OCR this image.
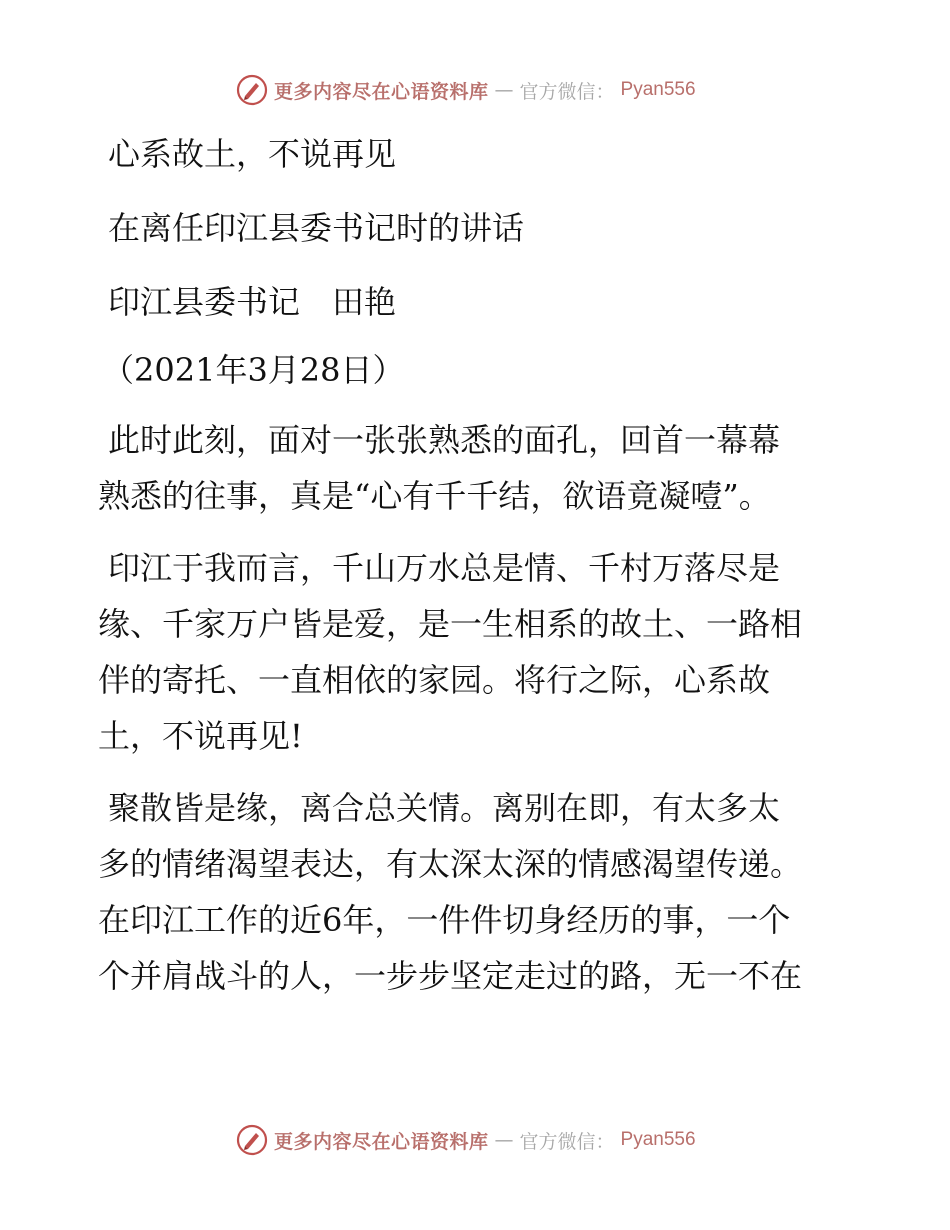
更多内容尽在心语资料库 — 官方微信： Pyan556

心系故土，不说再见

在离任印江县委书记时的讲话

印江县委书记　田艳

（2021年3月28日）

此时此刻，面对一张张熟悉的面孔，回首一幕幕

熟悉的往事，真是“心有千千结，欲语竟凝噎”。

印江于我而言，千山万水总是情、千村万落尽是

缘、千家万户皆是爱，是一生相系的故土、一路相

伴的寄托、一直相依的家园。将行之际，心系故

土，不说再见!

聚散皆是缘，离合总关情。离别在即，有太多太

多的情绪渴望表达，有太深太深的情感渴望传递。

在印江工作的近6年，一件件切身经历的事，一个

个并肩战斗的人，一步步坚定走过的路，无一不在

更多内容尽在心语资料库 — 官方微信： Pyan556
